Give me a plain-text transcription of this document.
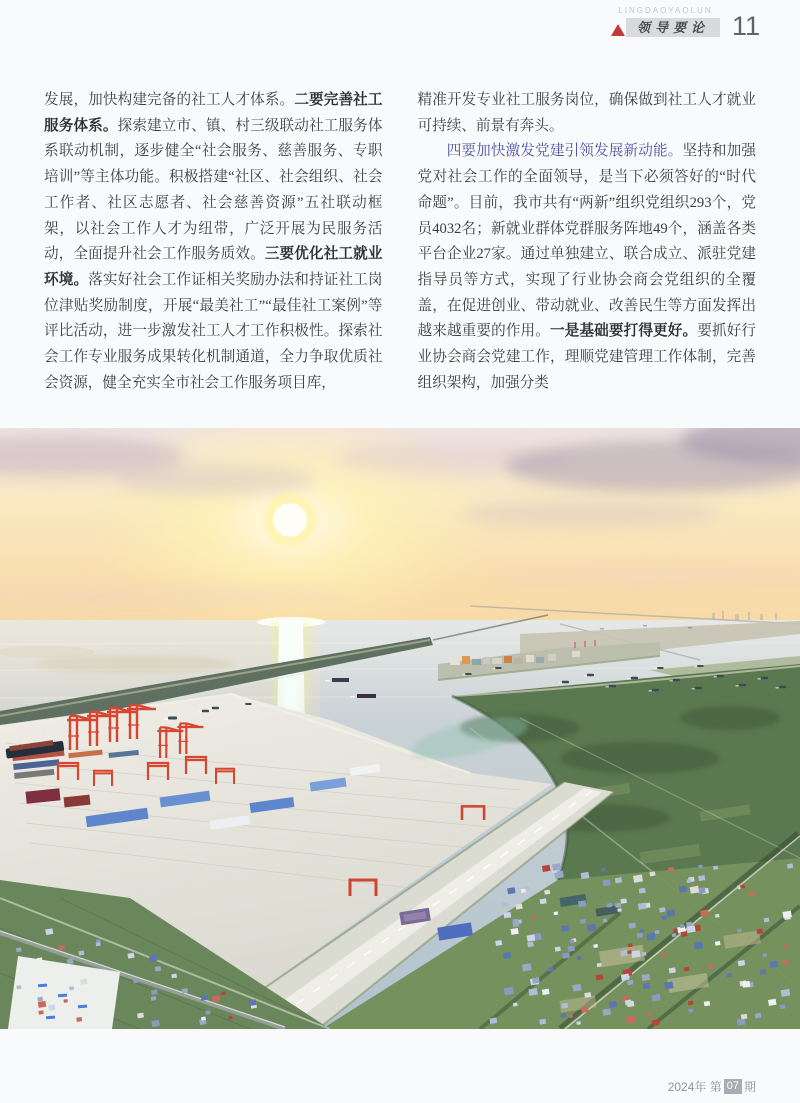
LINGDAOYAOLUN
领导要论 11

发展，加快构建完备的社工人才体系。二要完善社工服务体系。探索建立市、镇、村三级联动社工服务体系联动机制，逐步健全“社会服务、慈善服务、专职培训”等主体功能。积极搭建“社区、社会组织、社会工作者、社区志愿者、社会慈善资源”五社联动框架，以社会工作人才为纽带，广泛开展为民服务活动，全面提升社会工作服务质效。三要优化社工就业环境。落实好社会工作证相关奖励办法和持证社工岗位津贴奖励制度，开展“最美社工”“最佳社工案例”等评比活动，进一步激发社工人才工作积极性。探索社会工作专业服务成果转化机制通道，全力争取优质社会资源，健全充实全市社会工作服务项目库，

精准开发专业社工服务岗位，确保做到社工人才就业可持续、前景有奔头。

四要加快激发党建引领发展新动能。坚持和加强党对社会工作的全面领导，是当下必须答好的“时代命题”。目前，我市共有“两新”组织党组织293个，党员4032名；新就业群体党群服务阵地49个，涵盖各类平台企业27家。通过单独建立、联合成立、派驻党建指导员等方式，实现了行业协会商会党组织的全覆盖，在促进创业、带动就业、改善民生等方面发挥出越来越重要的作用。一是基础要打得更好。要抓好行业协会商会党建工作，理顺党建管理工作体制，完善组织架构，加强分类

2024年 第 07 期
